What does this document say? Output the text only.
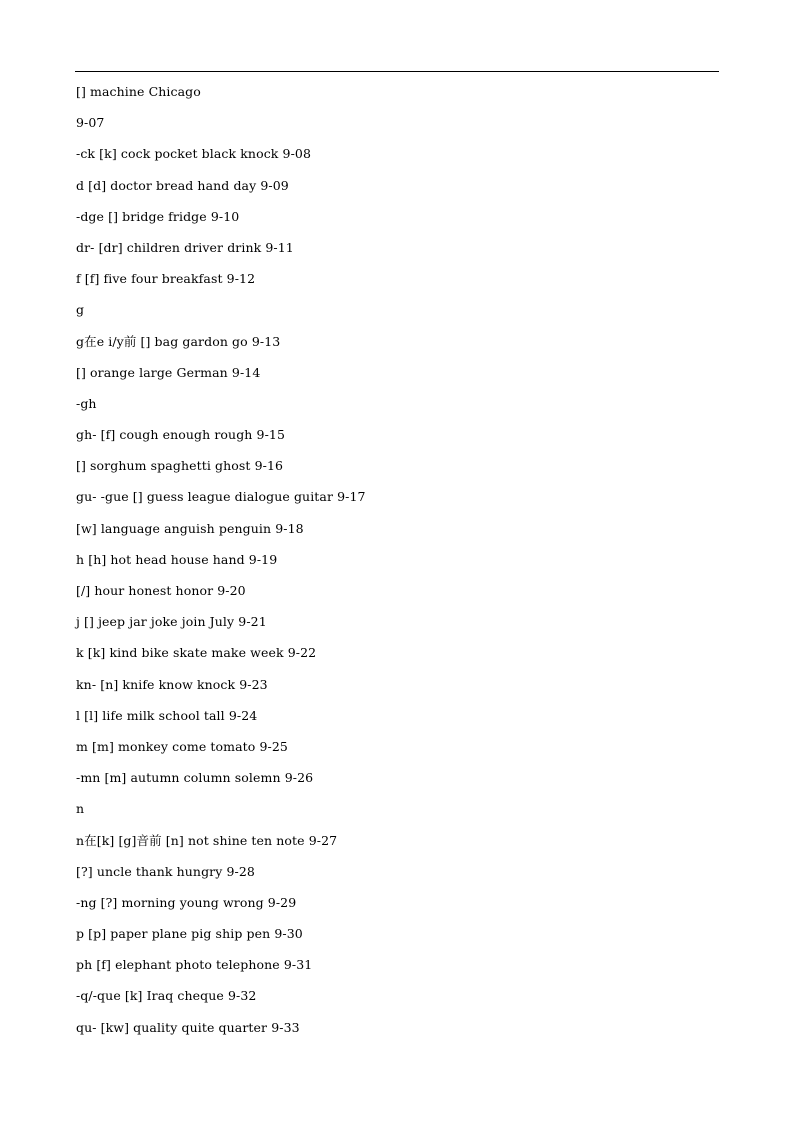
[] machine Chicago
9-07
-ck [k] cock pocket black knock 9-08
d [d] doctor bread hand day 9-09
-dge [] bridge fridge 9-10
dr- [dr] children driver drink 9-11
f [f] five four breakfast 9-12
g
g在e i/y前 [] bag gardon go 9-13
[] orange large German 9-14
-gh
gh- [f] cough enough rough 9-15
[] sorghum spaghetti ghost 9-16
gu- -gue [] guess league dialogue guitar 9-17
[w] language anguish penguin 9-18
h [h] hot head house hand 9-19
[/] hour honest honor 9-20
j [] jeep jar joke join July 9-21
k [k] kind bike skate make week 9-22
kn- [n] knife know knock 9-23
l [l] life milk school tall 9-24
m [m] monkey come tomato 9-25
-mn [m] autumn column solemn 9-26
n
n在[k] [g]音前 [n] not shine ten note 9-27
[?] uncle thank hungry 9-28
-ng [?] morning young wrong 9-29
p [p] paper plane pig ship pen 9-30
ph [f] elephant photo telephone 9-31
-q/-que [k] Iraq cheque 9-32
qu- [kw] quality quite quarter 9-33
